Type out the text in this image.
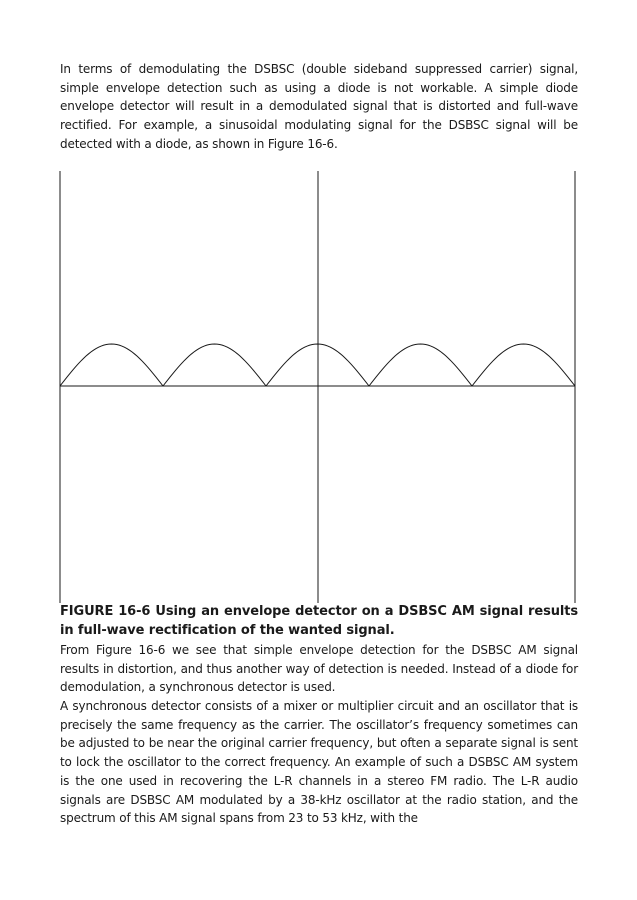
In terms of demodulating the DSBSC (double sideband suppressed carrier) signal, simple envelope detection such as using a diode is not workable. A simple diode envelope detector will result in a demodulated signal that is distorted and full-wave rectified. For example, a sinusoidal modulating signal for the DSBSC signal will be detected with a diode, as shown in Figure 16-6.

FIGURE 16-6 Using an envelope detector on a DSBSC AM signal results in full-wave rectification of the wanted signal.

From Figure 16-6 we see that simple envelope detection for the DSBSC AM signal results in distortion, and thus another way of detection is needed. Instead of a diode for demodulation, a synchronous detector is used.

A synchronous detector consists of a mixer or multiplier circuit and an oscillator that is precisely the same frequency as the carrier. The oscillator’s frequency sometimes can be adjusted to be near the original carrier frequency, but often a separate signal is sent to lock the oscillator to the correct frequency. An example of such a DSBSC AM system is the one used in recovering the L-R channels in a stereo FM radio. The L-R audio signals are DSBSC AM modulated by a 38-kHz oscillator at the radio station, and the spectrum of this AM signal spans from 23 to 53 kHz, with the
